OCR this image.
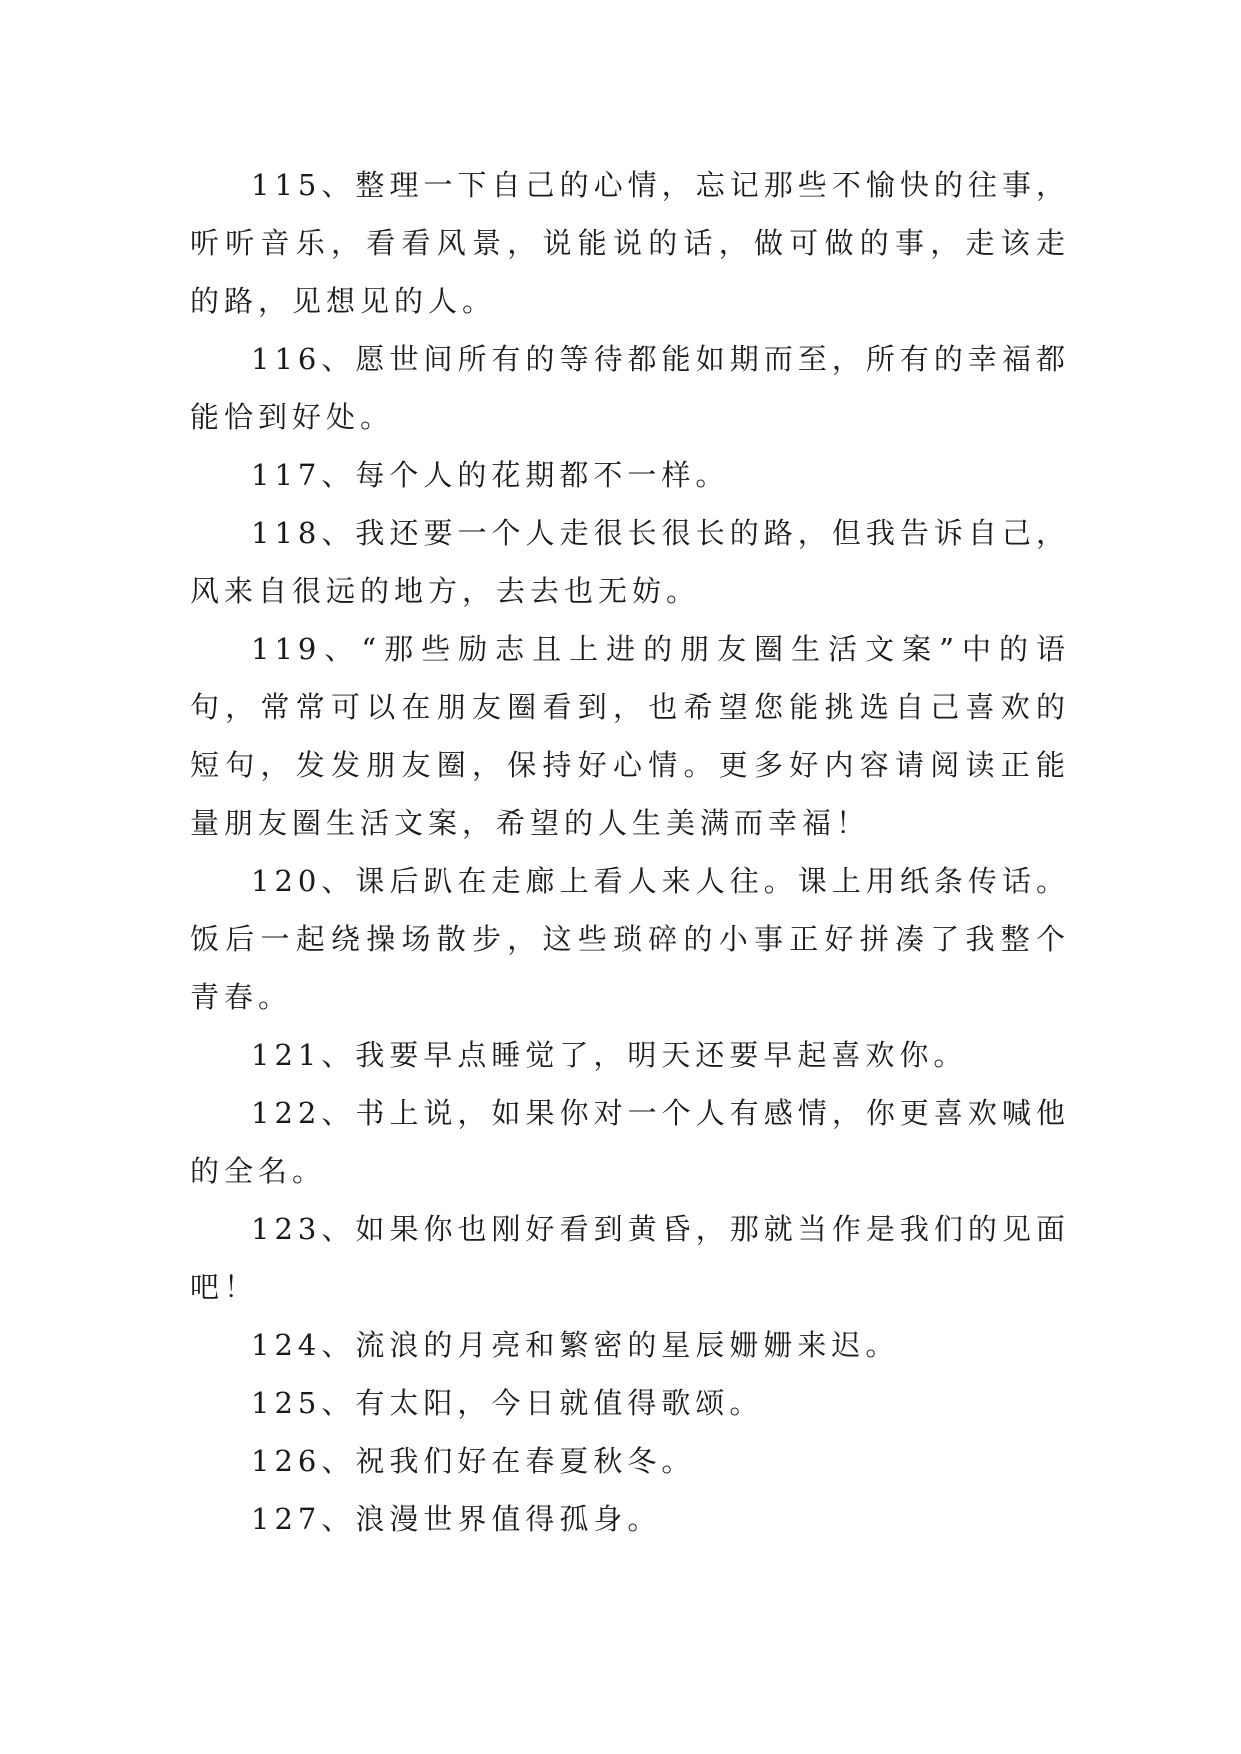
115、整理一下自己的心情，忘记那些不愉快的往事，听听音乐，看看风景，说能说的话，做可做的事，走该走的路，见想见的人。

116、愿世间所有的等待都能如期而至，所有的幸福都能恰到好处。

117、每个人的花期都不一样。

118、我还要一个人走很长很长的路，但我告诉自己，风来自很远的地方，去去也无妨。

119、“那些励志且上进的朋友圈生活文案”中的语句，常常可以在朋友圈看到，也希望您能挑选自己喜欢的短句，发发朋友圈，保持好心情。更多好内容请阅读正能量朋友圈生活文案，希望的人生美满而幸福！

120、课后趴在走廊上看人来人往。课上用纸条传话。饭后一起绕操场散步，这些琐碎的小事正好拼凑了我整个青春。

121、我要早点睡觉了，明天还要早起喜欢你。

122、书上说，如果你对一个人有感情，你更喜欢喊他的全名。

123、如果你也刚好看到黄昏，那就当作是我们的见面吧！

124、流浪的月亮和繁密的星辰姗姗来迟。

125、有太阳，今日就值得歌颂。

126、祝我们好在春夏秋冬。

127、浪漫世界值得孤身。
